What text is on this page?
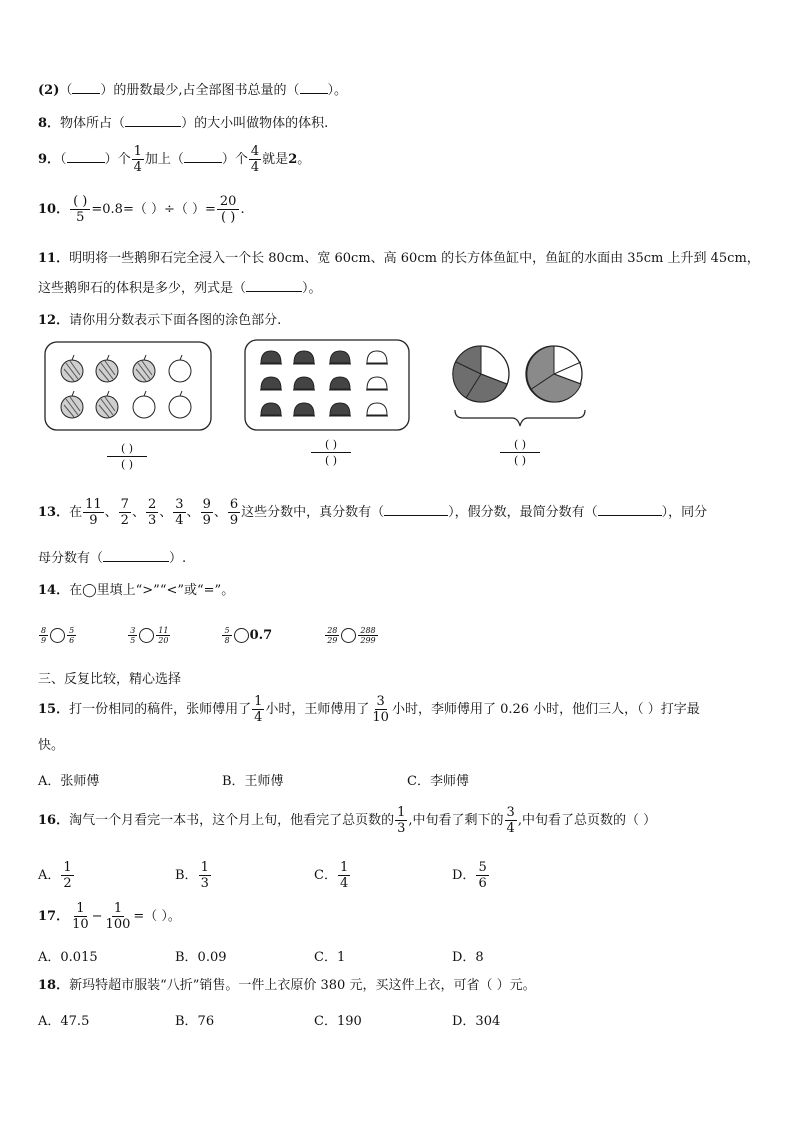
(2)（ ）的册数最少,占全部图书总量的（ ）。
8．物体所占（	）的大小叫做物体的体积.
9．（	）个 $\frac{1}{4}$ 加上（	）个 $\frac{4}{4}$ 就是2。
10． $\frac{( )}{5} =0.8=$（ ）÷（ ）= $\frac{20}{( )}$ .
11．明明将一些鹅卵石完全浸入一个长 80cm、宽 60cm、高 60cm 的长方体鱼缸中，鱼缸的水面由 35cm 上升到 45cm，
这些鹅卵石的体积是多少，列式是（	）。
12．请你用分数表示下面各图的涂色部分.
( )
( )
( )
( )
( )
( )
13．在 $\frac{11}{9}$ 、 $\frac{7}{2}$ 、 $\frac{2}{3}$ 、 $\frac{3}{4}$ 、 $\frac{9}{9}$ 、 $\frac{6}{9}$ 这些分数中，真分数有（	），假分数，最简分数有（	），同分
母分数有（	）.
14．在◯里填上“>”“<”或“=”。
$\frac{8}{9} \frac{5}{6}$	$\frac{3}{5} \frac{11}{20}$	$\frac{5}{8} 0.7$	$\frac{28}{29} \frac{288}{299}$
三、反复比较，精心选择
15．打一份相同的稿件，张师傅用了 $\frac{1}{4}$ 小时，王师傅用了 $\frac{3}{10}$ 小时，李师傅用了 0.26 小时，他们三人，（ ）打字最
快。
A．张师傅	B．王师傅	C．李师傅
16．淘气一个月看完一本书，这个月上旬，他看完了总页数的 $\frac{1}{3}$ ,中旬看了剩下的 $\frac{3}{4}$ ,中旬看了总页数的（ ）
A． $\frac{1}{2}$	B． $\frac{1}{3}$	C． $\frac{1}{4}$	D． $\frac{5}{6}$
17． $\frac{1}{10} - \frac{1}{100}$ =（ ）。
A．0.015	B．0.09	C．1	D．8
18．新玛特超市服装“八折”销售。一件上衣原价 380 元，买这件上衣，可省（ ）元。
A．47.5	B．76	C．190	D．304
